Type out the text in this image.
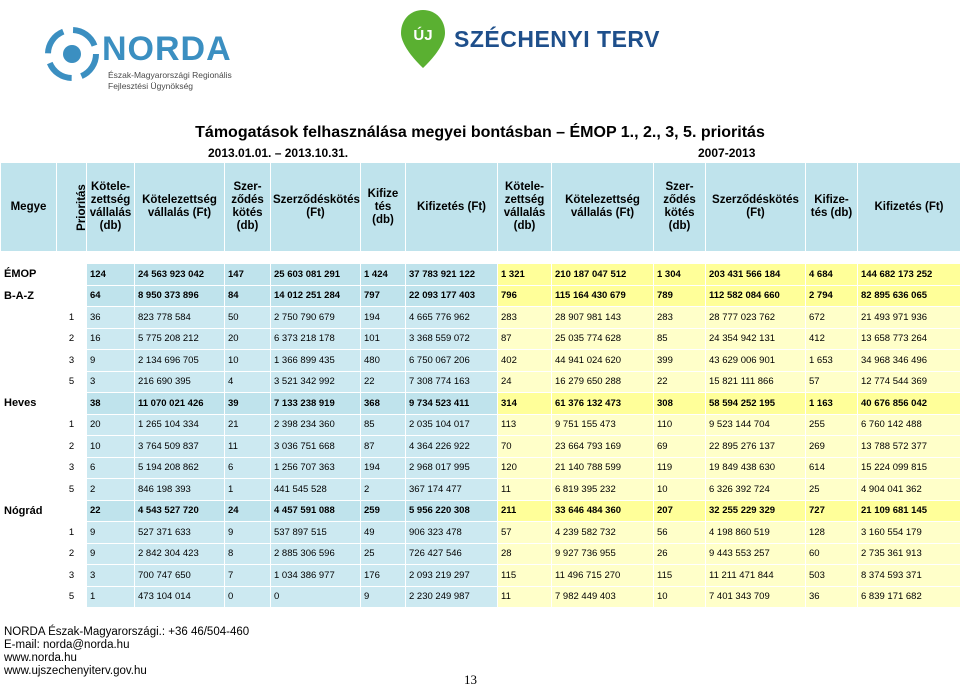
NORDA
Észak-Magyarországi Regionális
Fejlesztési Ügynökség
ÚJ SZÉCHENYI TERV
Támogatások felhasználása megyei bontásban – ÉMOP 1., 2., 3, 5. prioritás
2013.01.01. – 2013.10.31.	2007-2013
Megye	Prioritás	Kötele-zettség vállalás (db)	Kötelezettség vállalás (Ft)	Szer-ződés kötés (db)	Szerződéskötés (Ft)	Kifize tés (db)	Kifizetés (Ft)	Kötele-zettség vállalás (db)	Kötelezettség vállalás (Ft)	Szer-ződés kötés (db)	Szerződéskötés (Ft)	Kifize-tés (db)	Kifizetés (Ft)

ÉMOP		124	24 563 923 042	147	25 603 081 291	1 424	37 783 921 122	1 321	210 187 047 512	1 304	203 431 566 184	4 684	144 682 173 252
B-A-Z		64	8 950 373 896	84	14 012 251 284	797	22 093 177 403	796	115 164 430 679	789	112 582 084 660	2 794	82 895 636 065
	1	36	823 778 584	50	2 750 790 679	194	4 665 776 962	283	28 907 981 143	283	28 777 023 762	672	21 493 971 936
	2	16	5 775 208 212	20	6 373 218 178	101	3 368 559 072	87	25 035 774 628	85	24 354 942 131	412	13 658 773 264
	3	9	2 134 696 705	10	1 366 899 435	480	6 750 067 206	402	44 941 024 620	399	43 629 006 901	1 653	34 968 346 496
	5	3	216 690 395	4	3 521 342 992	22	7 308 774 163	24	16 279 650 288	22	15 821 111 866	57	12 774 544 369
Heves		38	11 070 021 426	39	7 133 238 919	368	9 734 523 411	314	61 376 132 473	308	58 594 252 195	1 163	40 676 856 042
	1	20	1 265 104 334	21	2 398 234 360	85	2 035 104 017	113	9 751 155 473	110	9 523 144 704	255	6 760 142 488
	2	10	3 764 509 837	11	3 036 751 668	87	4 364 226 922	70	23 664 793 169	69	22 895 276 137	269	13 788 572 377
	3	6	5 194 208 862	6	1 256 707 363	194	2 968 017 995	120	21 140 788 599	119	19 849 438 630	614	15 224 099 815
	5	2	846 198 393	1	441 545 528	2	367 174 477	11	6 819 395 232	10	6 326 392 724	25	4 904 041 362
Nógrád		22	4 543 527 720	24	4 457 591 088	259	5 956 220 308	211	33 646 484 360	207	32 255 229 329	727	21 109 681 145
	1	9	527 371 633	9	537 897 515	49	906 323 478	57	4 239 582 732	56	4 198 860 519	128	3 160 554 179
	2	9	2 842 304 423	8	2 885 306 596	25	726 427 546	28	9 927 736 955	26	9 443 553 257	60	2 735 361 913
	3	3	700 747 650	7	1 034 386 977	176	2 093 219 297	115	11 496 715 270	115	11 211 471 844	503	8 374 593 371
	5	1	473 104 014	0	0	9	2 230 249 987	11	7 982 449 403	10	7 401 343 709	36	6 839 171 682
NORDA Észak-Magyarországi.: +36 46/504-460
E-mail: norda@norda.hu
www.norda.hu
www.ujszechenyiterv.gov.hu
13
